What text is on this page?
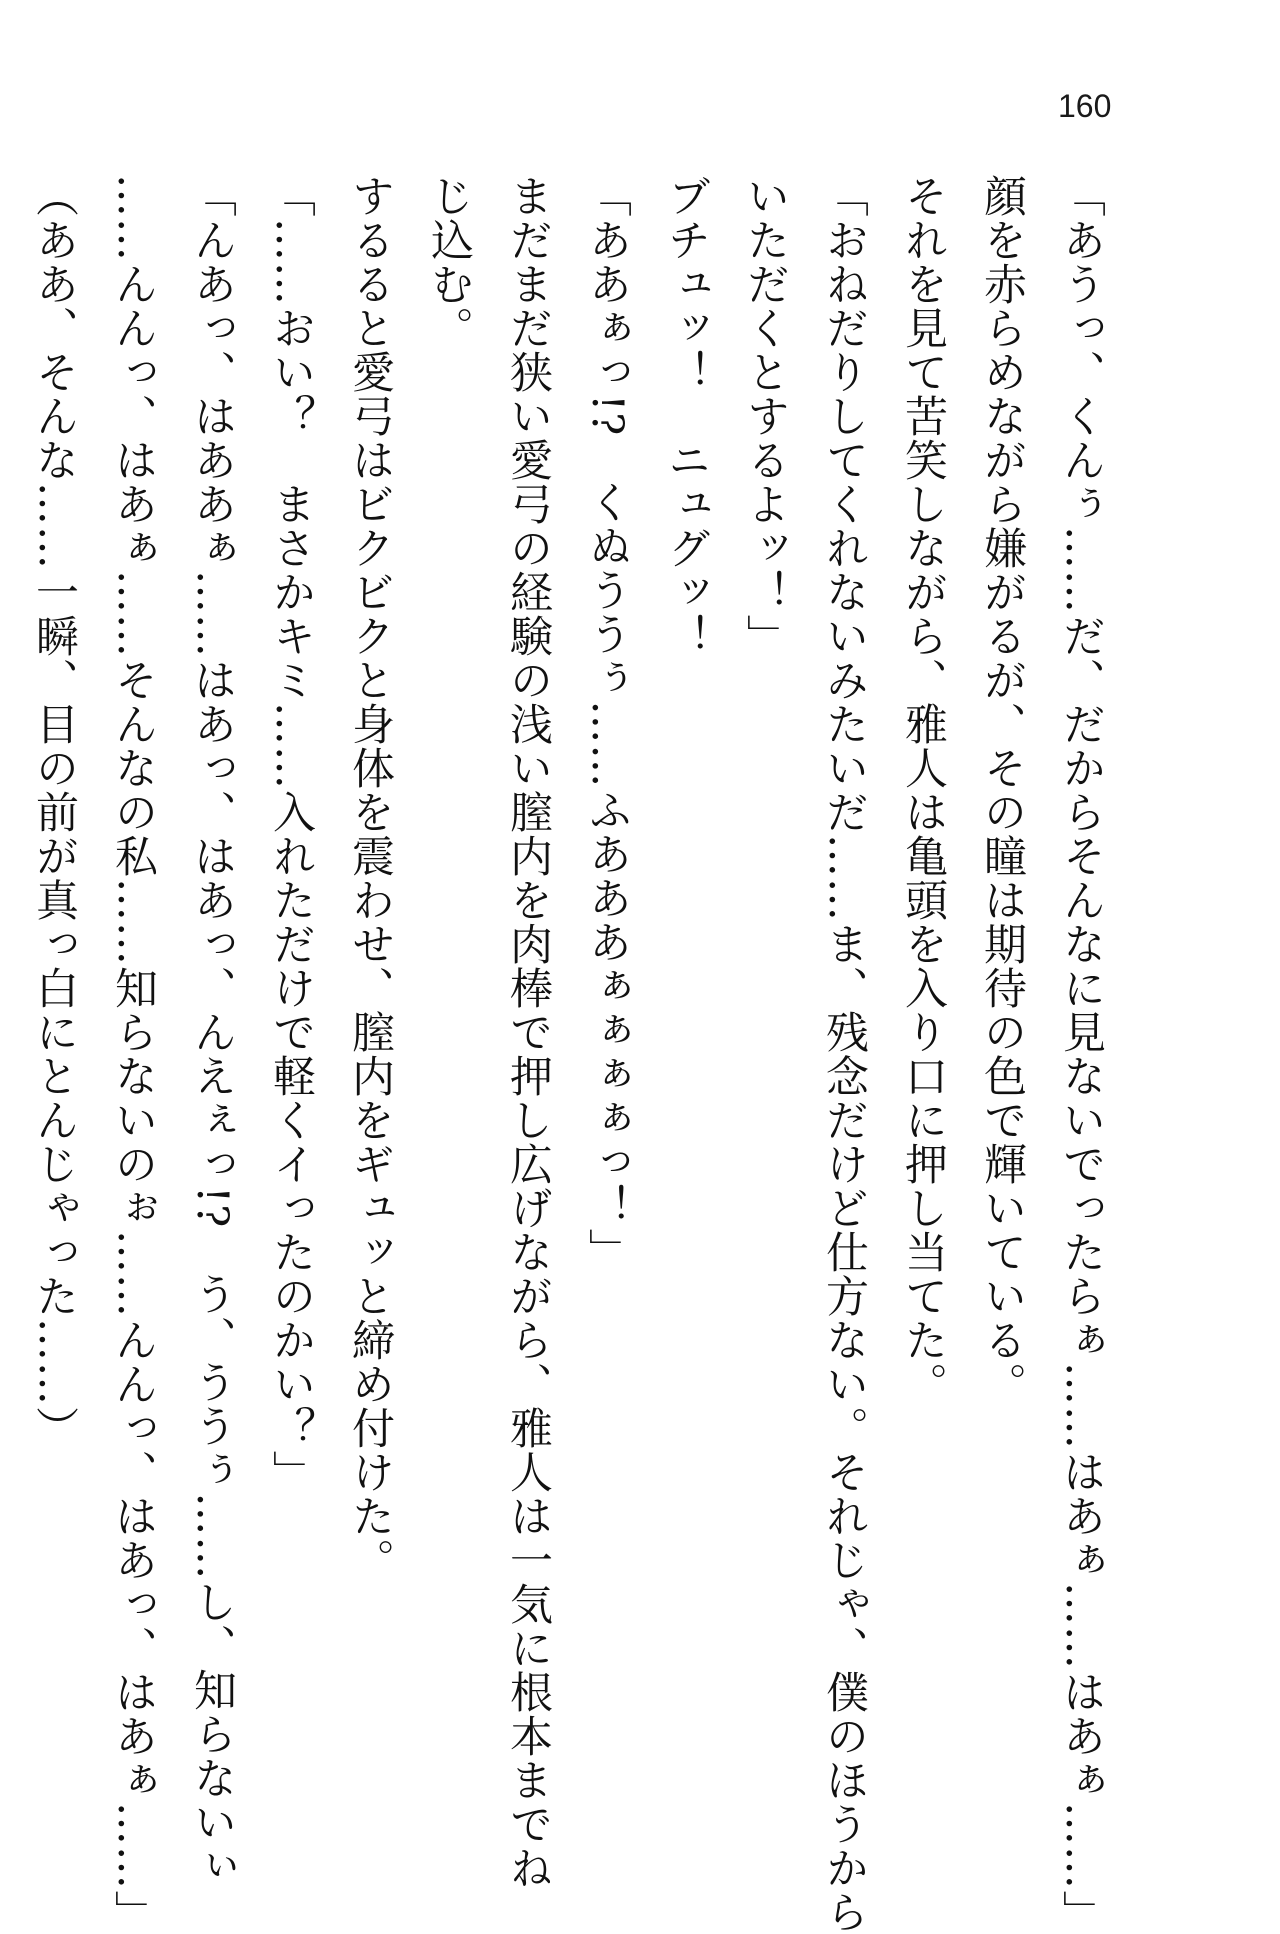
160
「あうっ、くんぅ……だ、だからそんなに見ないでったらぁ……はあぁ……はあぁ……」
顔を赤らめながら嫌がるが、その瞳は期待の色で輝いている。
それを見て苦笑しながら、雅人は亀頭を入り口に押し当てた。
「おねだりしてくれないみたいだ……ま、残念だけど仕方ない。それじゃ、僕のほうから
いただくとするよッ！」
ブチュッ！　ニュグッ！
「ああぁっ!?　くぬううぅ……ふあああぁぁぁぁっ！」
まだまだ狭い愛弓の経験の浅い膣内を肉棒で押し広げながら、雅人は一気に根本までね
じ込む。
するると愛弓はビクビクと身体を震わせ、膣内をギュッと締め付けた。
「……おい？　まさかキミ……入れただけで軽くイったのかい？」
「んあっ、はああぁ……はあっ、はあっ、んえぇっ!?　う、ううぅ……し、知らないぃ
……んんっ、はあぁ……そんなの私……知らないのぉ……んんっ、はあっ、はあぁ……」
（ああ、そんな……一瞬、目の前が真っ白にとんじゃった……）
